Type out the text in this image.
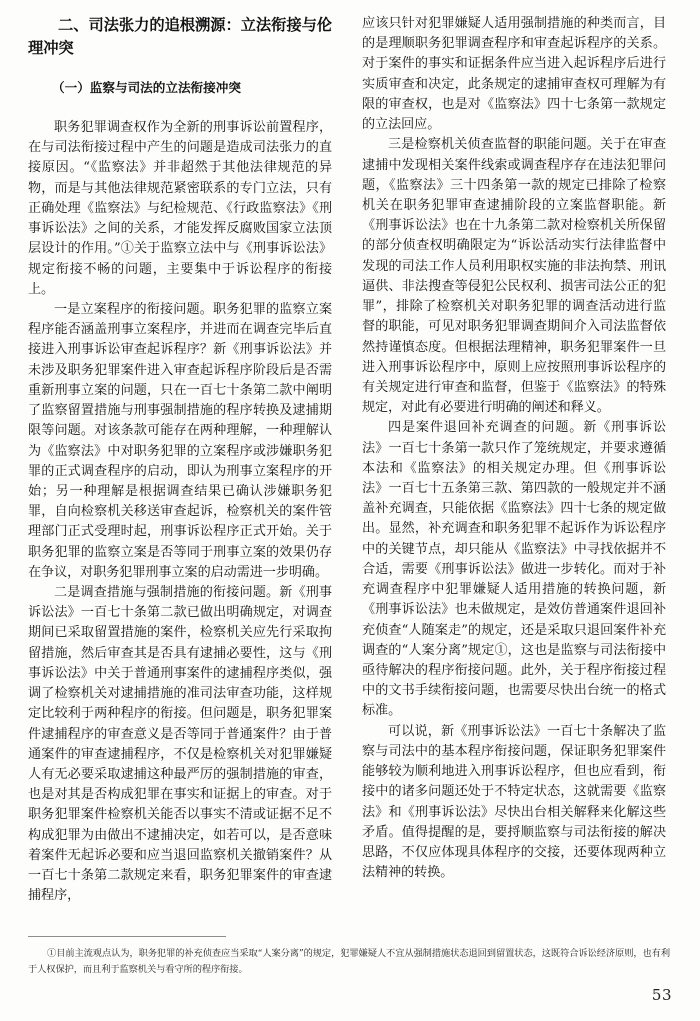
二、司法张力的追根溯源：立法衔接与伦理冲突
（一）监察与司法的立法衔接冲突

职务犯罪调查权作为全新的刑事诉讼前置程序，在与司法衔接过程中产生的问题是造成司法张力的直接原因。“《监察法》并非超然于其他法律规范的异物，而是与其他法律规范紧密联系的专门立法，只有正确处理《监察法》与纪检规范、《行政监察法》《刑事诉讼法》之间的关系，才能发挥反腐败国家立法顶层设计的作用。”①关于监察立法中与《刑事诉讼法》规定衔接不畅的问题，主要集中于诉讼程序的衔接上。

一是立案程序的衔接问题。职务犯罪的监察立案程序能否涵盖刑事立案程序，并进而在调查完毕后直接进入刑事诉讼审查起诉程序？新《刑事诉讼法》并未涉及职务犯罪案件进入审查起诉程序阶段后是否需重新刑事立案的问题，只在一百七十条第二款中阐明了监察留置措施与刑事强制措施的程序转换及逮捕期限等问题。对该条款可能存在两种理解，一种理解认为《监察法》中对职务犯罪的立案程序或涉嫌职务犯罪的正式调查程序的启动，即认为刑事立案程序的开始；另一种理解是根据调查结果已确认涉嫌职务犯罪，自向检察机关移送审查起诉，检察机关的案件管理部门正式受理时起，刑事诉讼程序正式开始。关于职务犯罪的监察立案是否等同于刑事立案的效果仍存在争议，对职务犯罪刑事立案的启动需进一步明确。

二是调查措施与强制措施的衔接问题。新《刑事诉讼法》一百七十条第二款已做出明确规定，对调查期间已采取留置措施的案件，检察机关应先行采取拘留措施，然后审查其是否具有逮捕必要性，这与《刑事诉讼法》中关于普通刑事案件的逮捕程序类似，强调了检察机关对逮捕措施的准司法审查功能，这样规定比较利于两种程序的衔接。但问题是，职务犯罪案件逮捕程序的审查意义是否等同于普通案件？由于普通案件的审查逮捕程序，不仅是检察机关对犯罪嫌疑人有无必要采取逮捕这种最严厉的强制措施的审查，也是对其是否构成犯罪在事实和证据上的审查。对于职务犯罪案件检察机关能否以事实不清或证据不足不构成犯罪为由做出不逮捕决定，如若可以，是否意味着案件无起诉必要和应当退回监察机关撤销案件？从一百七十条第二款规定来看，职务犯罪案件的审查逮捕程序，

应该只针对犯罪嫌疑人适用强制措施的种类而言，目的是理顺职务犯罪调查程序和审查起诉程序的关系。对于案件的事实和证据条件应当进入起诉程序后进行实质审查和决定，此条规定的逮捕审查权可理解为有限的审查权，也是对《监察法》四十七条第一款规定的立法回应。

三是检察机关侦查监督的职能问题。关于在审查逮捕中发现相关案件线索或调查程序存在违法犯罪问题，《监察法》三十四条第一款的规定已排除了检察机关在职务犯罪审查逮捕阶段的立案监督职能。新《刑事诉讼法》也在十九条第二款对检察机关所保留的部分侦查权明确限定为“诉讼活动实行法律监督中发现的司法工作人员利用职权实施的非法拘禁、刑讯逼供、非法搜查等侵犯公民权利、损害司法公正的犯罪”，排除了检察机关对职务犯罪的调查活动进行监督的职能，可见对职务犯罪调查期间介入司法监督依然持谨慎态度。但根据法理精神，职务犯罪案件一旦进入刑事诉讼程序中，原则上应按照刑事诉讼程序的有关规定进行审查和监督，但鉴于《监察法》的特殊规定，对此有必要进行明确的阐述和释义。

四是案件退回补充调查的问题。新《刑事诉讼法》一百七十条第一款只作了笼统规定，并要求遵循本法和《监察法》的相关规定办理。但《刑事诉讼法》一百七十五条第三款、第四款的一般规定并不涵盖补充调查，只能依据《监察法》四十七条的规定做出。显然，补充调查和职务犯罪不起诉作为诉讼程序中的关键节点，却只能从《监察法》中寻找依据并不合适，需要《刑事诉讼法》做进一步转化。而对于补充调查程序中犯罪嫌疑人适用措施的转换问题，新《刑事诉讼法》也未做规定，是效仿普通案件退回补充侦查“人随案走”的规定，还是采取只退回案件补充调查的“人案分离”规定①，这也是监察与司法衔接中亟待解决的程序衔接问题。此外，关于程序衔接过程中的文书手续衔接问题，也需要尽快出台统一的格式标准。

可以说，新《刑事诉讼法》一百七十条解决了监察与司法中的基本程序衔接问题，保证职务犯罪案件能够较为顺利地进入刑事诉讼程序，但也应看到，衔接中的诸多问题还处于不特定状态，这就需要《监察法》和《刑事诉讼法》尽快出台相关解释来化解这些矛盾。值得提醒的是，要捋顺监察与司法衔接的解决思路，不仅应体现具体程序的交接，还要体现两种立法精神的转换。

①目前主流观点认为，职务犯罪的补充侦查应当采取“人案分离”的规定，犯罪嫌疑人不宜从强制措施状态退回到留置状态，这既符合诉讼经济原则，也有利于人权保护，而且利于监察机关与看守所的程序衔接。

53
